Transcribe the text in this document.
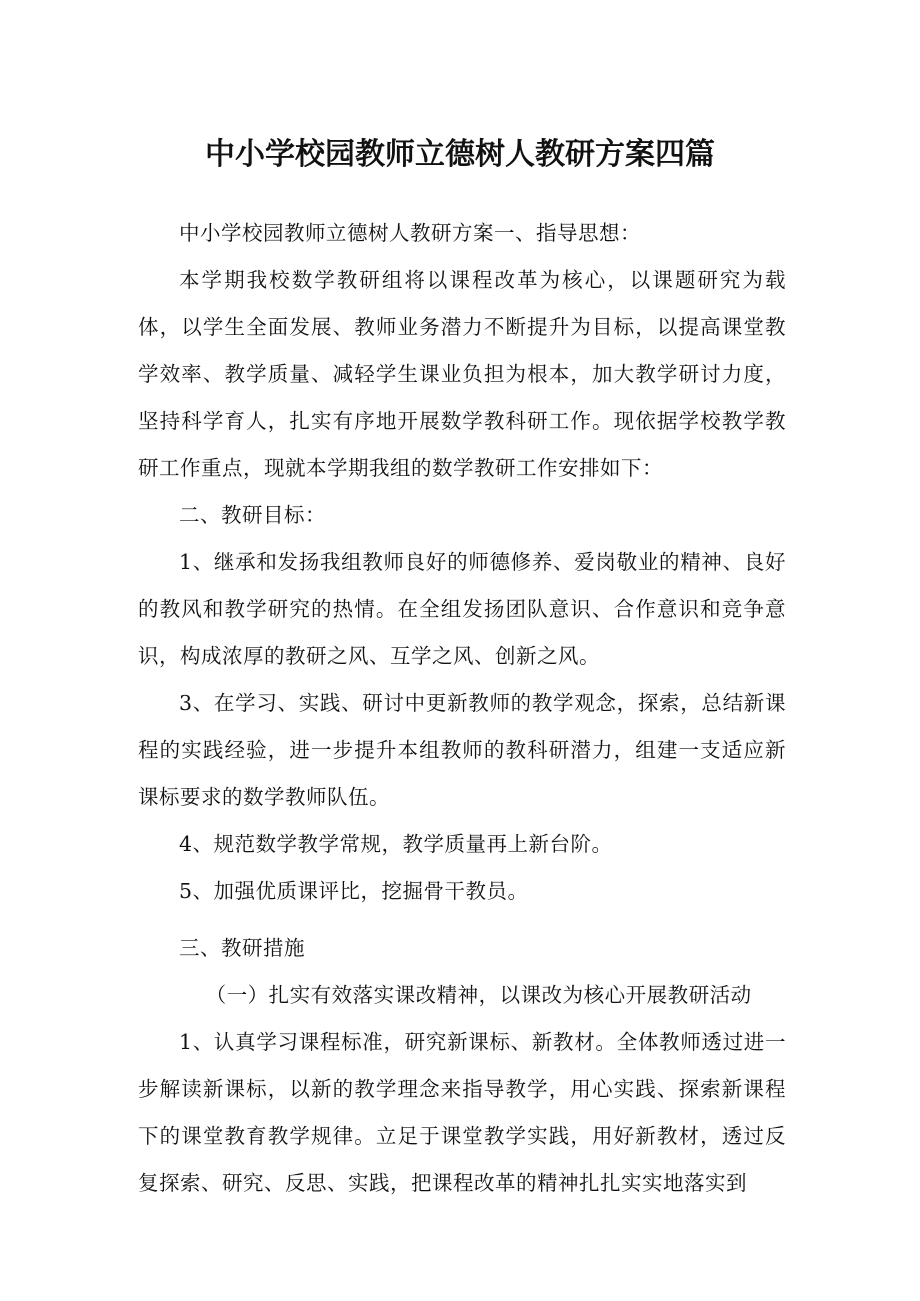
中小学校园教师立德树人教研方案四篇

中小学校园教师立德树人教研方案一、指导思想：

本学期我校数学教研组将以课程改革为核心，以课题研究为载体，以学生全面发展、教师业务潜力不断提升为目标，以提高课堂教学效率、教学质量、减轻学生课业负担为根本，加大教学研讨力度，坚持科学育人，扎实有序地开展数学教科研工作。现依据学校教学教研工作重点，现就本学期我组的数学教研工作安排如下：

二、教研目标：

1、继承和发扬我组教师良好的师德修养、爱岗敬业的精神、良好的教风和教学研究的热情。在全组发扬团队意识、合作意识和竞争意识，构成浓厚的教研之风、互学之风、创新之风。

3、在学习、实践、研讨中更新教师的教学观念，探索，总结新课程的实践经验，进一步提升本组教师的教科研潜力，组建一支适应新课标要求的数学教师队伍。

4、规范数学教学常规，教学质量再上新台阶。

5、加强优质课评比，挖掘骨干教员。

三、教研措施

（一）扎实有效落实课改精神，以课改为核心开展教研活动

1、认真学习课程标准，研究新课标、新教材。全体教师透过进一步解读新课标，以新的教学理念来指导教学，用心实践、探索新课程下的课堂教育教学规律。立足于课堂教学实践，用好新教材，透过反复探索、研究、反思、实践，把课程改革的精神扎扎实实地落实到
